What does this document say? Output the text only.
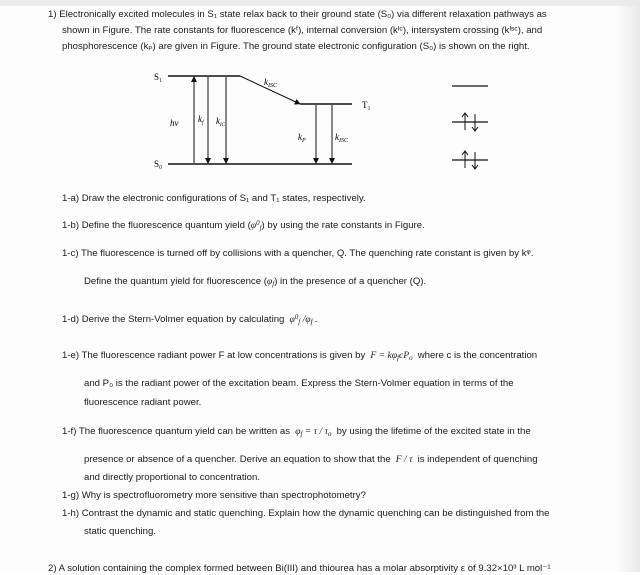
1) Electronically excited molecules in S₁ state relax back to their ground state (S₀) via different relaxation pathways as

shown in Figure. The rate constants for fluorescence (kᶠ), internal conversion (kᴵᶜ), intersystem crossing (kᴵˢᶜ), and

phosphorescence (kₚ) are given in Figure. The ground state electronic configuration (S₀) is shown on the right.

S₁
S₀
T₁
hv $k_f$ $k_{IC}$
$k_{ISC}$
$k_P$	$k_{ISC}$
1-a) Draw the electronic configurations of S₁ and T₁ states, respectively.
1-b) Define the fluorescence quantum yield $(\varphi^0_f)$ by using the rate constants in Figure.
1-c) The fluorescence is turned off by collisions with a quencher, Q. The quenching rate constant is given by kᵠ.
Define the quantum yield for fluorescence $(\varphi_f)$ in the presence of a quencher (Q).
1-d) Derive the Stern-Volmer equation by calculating  $\varphi^0_f$ $/\varphi_f$ .
1-e) The fluorescence radiant power F at low concentrations is given by  $F = k\varphi_fcP_o$ where c is the concentration
and P₀ is the radiant power of the excitation beam. Express the Stern-Volmer equation in terms of the
fluorescence radiant power.
1-f) The fluorescence quantum yield can be written as  $\varphi_f = \tau / \tau_o$ by using the lifetime of the excited state in the
presence or absence of a quencher. Derive an equation to show that the  F / τ  is independent of quenching
and directly proportional to concentration.
1-g) Why is spectrofluorometry more sensitive than spectrophotometry?
1-h) Contrast the dynamic and static quenching. Explain how the dynamic quenching can be distinguished from the
static quenching.
2) A solution containing the complex formed between Bi(III) and thiourea has a molar absorptivity ε of 9.32×10³ L mol⁻¹
